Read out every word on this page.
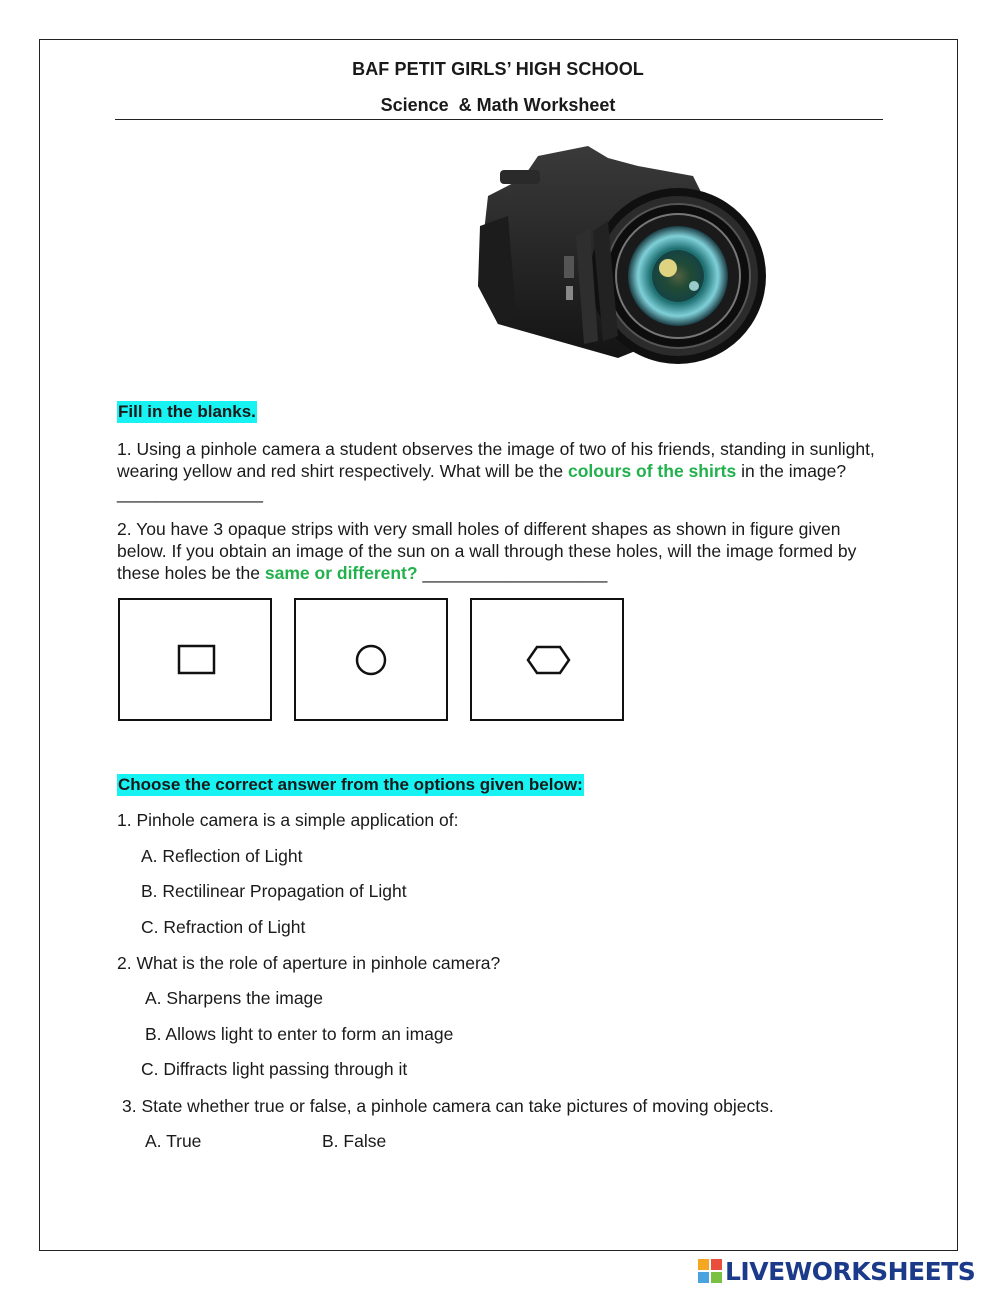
BAF PETIT GIRLS’ HIGH SCHOOL
Science  & Math Worksheet
Fill in the blanks.
1. Using a pinhole camera a student observes the image of two of his friends, standing in sunlight, wearing yellow and red shirt respectively. What will be the colours of the shirts in the image? _______________
2. You have 3 opaque strips with very small holes of different shapes as shown in figure given below. If you obtain an image of the sun on a wall through these holes, will the image formed by these holes be the same or different? ___________________
Choose the correct answer from the options given below:
1. Pinhole camera is a simple application of:
A. Reflection of Light
B. Rectilinear Propagation of Light
C. Refraction of Light
2. What is the role of aperture in pinhole camera?
A. Sharpens the image
B. Allows light to enter to form an image
C. Diffracts light passing through it
3. State whether true or false, a pinhole camera can take pictures of moving objects.
A. True	B. False
LIVEWORKSHEETS
